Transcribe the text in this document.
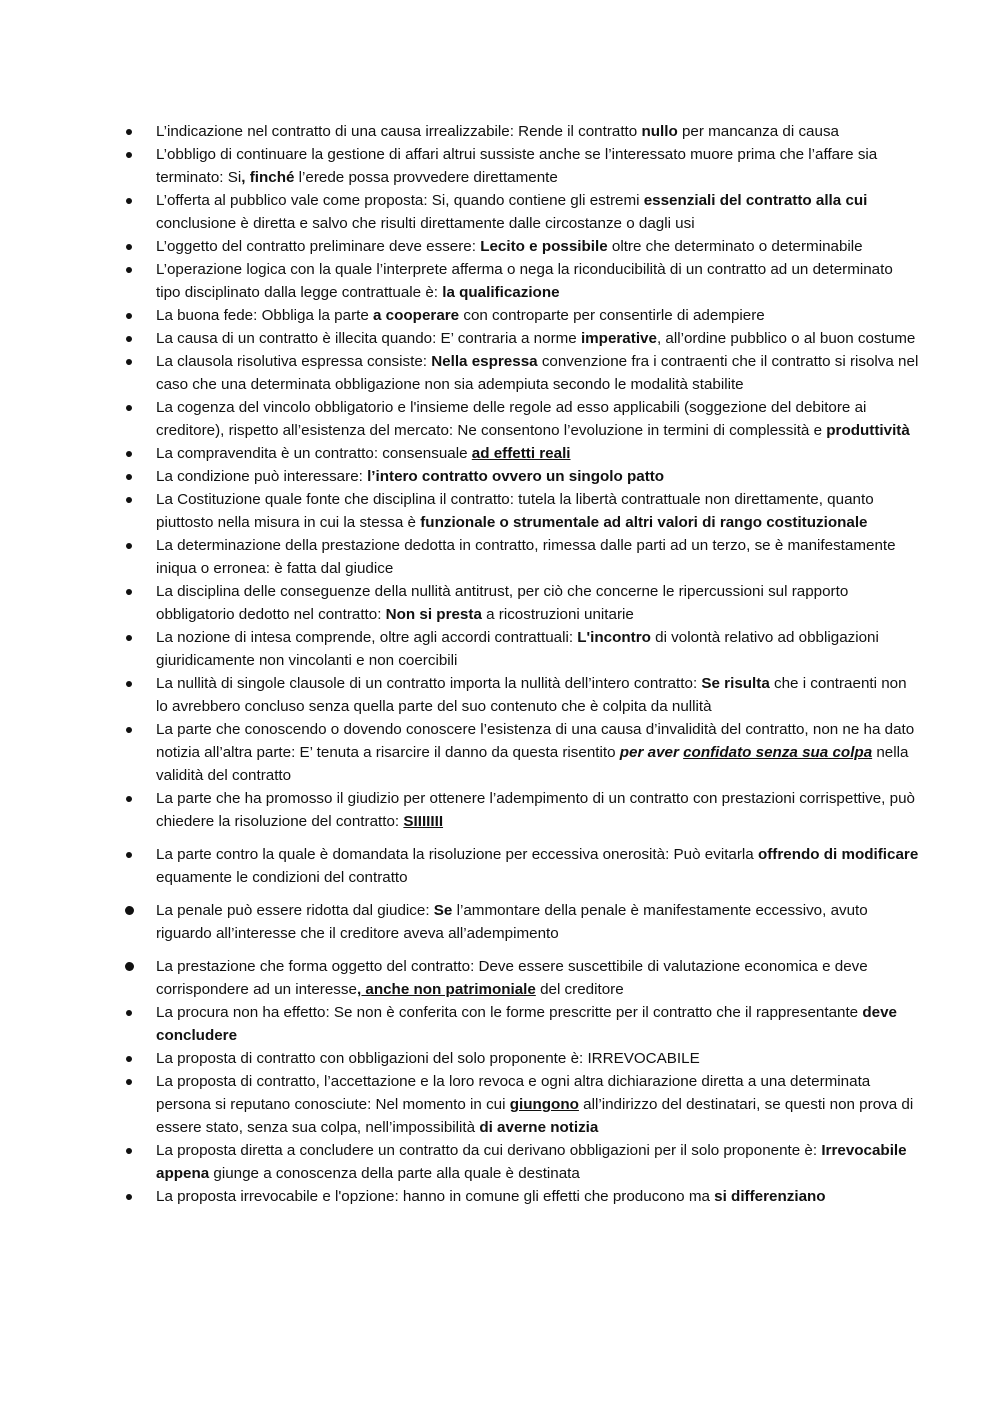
L’indicazione nel contratto di una causa irrealizzabile: Rende il contratto nullo per mancanza di causa
L’obbligo di continuare la gestione di affari altrui sussiste anche se l’interessato muore prima che l’affare sia terminato: Si, finché l’erede possa provvedere direttamente
L’offerta al pubblico vale come proposta: Si, quando contiene gli estremi essenziali del contratto alla cui conclusione è diretta e salvo che risulti direttamente dalle circostanze o dagli usi
L’oggetto del contratto preliminare deve essere: Lecito e possibile oltre che determinato o determinabile
L’operazione logica con la quale l’interprete afferma o nega la riconducibilità di un contratto ad un determinato tipo disciplinato dalla legge contrattuale è: la qualificazione
La buona fede: Obbliga la parte a cooperare con controparte per consentirle di adempiere
La causa di un contratto è illecita quando: E’ contraria a norme imperative, all’ordine pubblico o al buon costume
La clausola risolutiva espressa consiste: Nella espressa convenzione fra i contraenti che il contratto si risolva nel caso che una determinata obbligazione non sia adempiuta secondo le modalità stabilite
La cogenza del vincolo obbligatorio e l'insieme delle regole ad esso applicabili (soggezione del debitore ai creditore), rispetto all’esistenza del mercato: Ne consentono l’evoluzione in termini di complessità e produttività
La compravendita è un contratto: consensuale ad effetti reali
La condizione può interessare: l’intero contratto ovvero un singolo patto
La Costituzione quale fonte che disciplina il contratto: tutela la libertà contrattuale non direttamente, quanto piuttosto nella misura in cui la stessa è funzionale o strumentale ad altri valori di rango costituzionale
La determinazione della prestazione dedotta in contratto, rimessa dalle parti ad un terzo, se è manifestamente iniqua o erronea: è fatta dal giudice
La disciplina delle conseguenze della nullità antitrust, per ciò che concerne le ripercussioni sul rapporto obbligatorio dedotto nel contratto: Non si presta a ricostruzioni unitarie
La nozione di intesa comprende, oltre agli accordi contrattuali: L'incontro di volontà relativo ad obbligazioni giuridicamente non vincolanti e non coercibili
La nullità di singole clausole di un contratto importa la nullità dell’intero contratto: Se risulta che i contraenti non lo avrebbero concluso senza quella parte del suo contenuto che è colpita da nullità
La parte che conoscendo o dovendo conoscere l’esistenza di una causa d’invalidità del contratto, non ne ha dato notizia all’altra parte: E’ tenuta a risarcire il danno da questa risentito per aver confidato senza sua colpa nella validità del contratto
La parte che ha promosso il giudizio per ottenere l’adempimento di un contratto con prestazioni corrispettive, può chiedere la risoluzione del contratto: SIIIIIII
La parte contro la quale è domandata la risoluzione per eccessiva onerosità: Può evitarla offrendo di modificare equamente le condizioni del contratto
La penale può essere ridotta dal giudice: Se l’ammontare della penale è manifestamente eccessivo, avuto riguardo all’interesse che il creditore aveva all’adempimento
La prestazione che forma oggetto del contratto: Deve essere suscettibile di valutazione economica e deve corrispondere ad un interesse, anche non patrimoniale del creditore
La procura non ha effetto: Se non è conferita con le forme prescritte per il contratto che il rappresentante deve concludere
La proposta di contratto con obbligazioni del solo proponente è: IRREVOCABILE
La proposta di contratto, l’accettazione e la loro revoca e ogni altra dichiarazione diretta a una determinata persona si reputano conosciute: Nel momento in cui giungono all’indirizzo del destinatari, se questi non prova di essere stato, senza sua colpa, nell’impossibilità di averne notizia
La proposta diretta a concludere un contratto da cui derivano obbligazioni per il solo proponente è: Irrevocabile appena giunge a conoscenza della parte alla quale è destinata
La proposta irrevocabile e l'opzione: hanno in comune gli effetti che producono ma si differenziano
